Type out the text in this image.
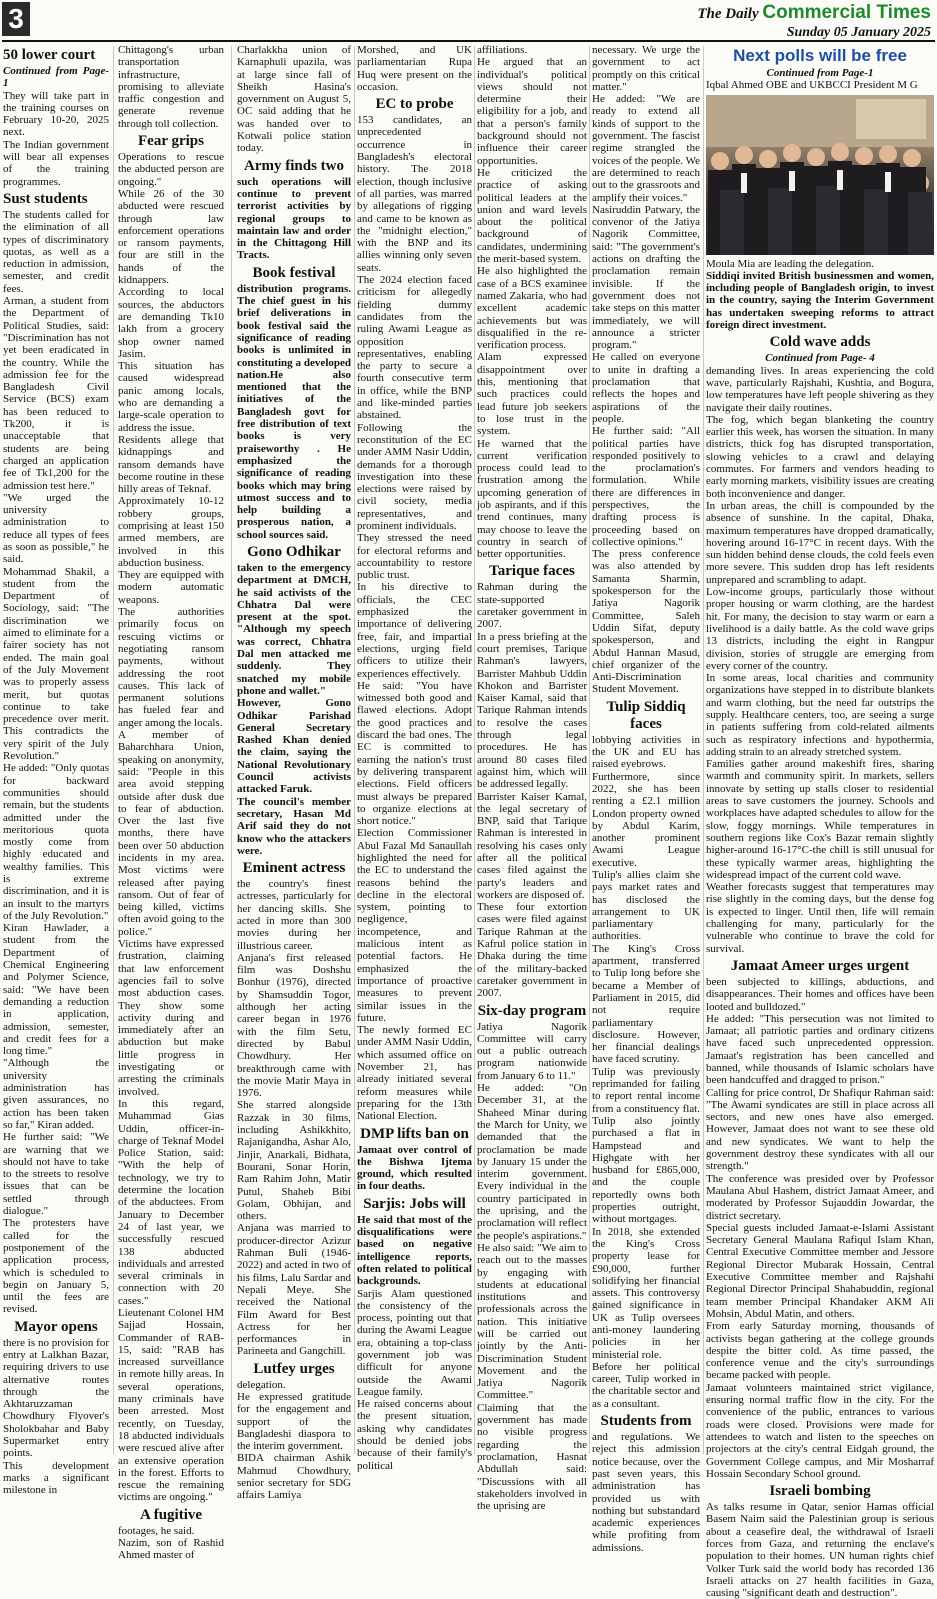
3	The Daily Commercial Times
Sunday 05 January 2025
50 lower court

Continued from Page-1

They will take part in the training courses on February 10-20, 2025 next.

The Indian government will bear all expenses of the training programmes.

Sust students

The students called for the elimination of all types of discriminatory quotas, as well as a reduction in admission, semester, and credit fees.

Arman, a student from the Department of Political Studies, said: "Discrimination has not yet been eradicated in the country. While the admission fee for the Bangladesh Civil Service (BCS) exam has been reduced to Tk200, it is unacceptable that students are being charged an application fee of Tk1,200 for the admission test here."

"We urged the university administration to reduce all types of fees as soon as possible," he said.

Mohammad Shakil, a student from the Department of Sociology, said: "The discrimination we aimed to eliminate for a fairer society has not ended. The main goal of the July Movement was to properly assess merit, but quotas continue to take precedence over merit. This contradicts the very spirit of the July Revolution."

He added: "Only quotas for backward communities should remain, but the students admitted under the meritorious quota mostly come from highly educated and wealthy families. This is extreme discrimination, and it is an insult to the martyrs of the July Revolution."

Kiran Hawlader, a student from the Department of Chemical Engineering and Polymer Science, said: "We have been demanding a reduction in application, admission, semester, and credit fees for a long time."

"Although the university administration has given assurances, no action has been taken so far," Kiran added.

He further said: "We are warning that we should not have to take to the streets to resolve issues that can be settled through dialogue."

The protesters have called for the postponement of the application process, which is scheduled to begin on January 5, until the fees are revised.

Mayor opens

there is no provision for entry at Lalkhan Bazar, requiring drivers to use alternative routes through the Akhtaruzzaman Chowdhury Flyover's Sholokbahar and Baby Supermarket entry points.

This development marks a significant milestone in

Chittagong's urban transportation infrastructure, promising to alleviate traffic congestion and generate revenue through toll collection.

Fear grips

Operations to rescue the abducted person are ongoing."

While 26 of the 30 abducted were rescued through law enforcement operations or ransom payments, four are still in the hands of the kidnappers.

According to local sources, the abductors are demanding Tk10 lakh from a grocery shop owner named Jasim.

This situation has caused widespread panic among locals, who are demanding a large-scale operation to address the issue.

Residents allege that kidnappings and ransom demands have become routine in these hilly areas of Teknaf.

Approximately 10-12 robbery groups, comprising at least 150 armed members, are involved in this abduction business.

They are equipped with modern automatic weapons.

The authorities primarily focus on rescuing victims or negotiating ransom payments, without addressing the root causes. This lack of permanent solutions has fueled fear and anger among the locals.

A member of Baharchhara Union, speaking on anonymity, said: "People in this area avoid stepping outside after dusk due to fear of abduction. Over the last five months, there have been over 50 abduction incidents in my area. Most victims were released after paying ransom. Out of fear of being killed, victims often avoid going to the police."

Victims have expressed frustration, claiming that law enforcement agencies fail to solve most abduction cases. They show some activity during and immediately after an abduction but make little progress in investigating or arresting the criminals involved.

In this regard, Muhammad Gias Uddin, officer-in-charge of Teknaf Model Police Station, said: "With the help of technology, we try to determine the location of the abductees. From January to December 24 of last year, we successfully rescued 138 abducted individuals and arrested several criminals in connection with 20 cases."

Lieutenant Colonel HM Sajjad Hossain, Commander of RAB-15, said: "RAB has increased surveillance in remote hilly areas. In several operations, many criminals have been arrested. Most recently, on Tuesday, 18 abducted individuals were rescued alive after an extensive operation in the forest. Efforts to rescue the remaining victims are ongoing."

A fugitive

footages, he said.

Nazim, son of Rashid Ahmed master of

Charlakkha union of Karnaphuli upazila, was at large since fall of Sheikh Hasina's government on August 5, OC said adding that he was handed over to Kotwali police station today.

Army finds two

such operations will continue to prevent terrorist activities by regional groups to maintain law and order in the Chittagong Hill Tracts.

Book festival

distribution programs. The chief guest in his brief deliverations in book festival said the significance of reading books is unlimited in constituting a developed nation.He also mentioned that the initiatives of the Bangladesh govt for free distribution of text books is very praiseworthy . He emphasized the significance of reading books which may bring utmost success and to help building a prosperous nation, a school sources said.

Gono Odhikar

taken to the emergency department at DMCH, he said activists of the Chhatra Dal were present at the spot. "Although my speech was correct, Chhatra Dal men attacked me suddenly. They snatched my mobile phone and wallet."

However, Gono Odhikar Parishad General Secretary Rashed Khan denied the claim, saying the National Revolutionary Council activists attacked Faruk.

The council's member secretary, Hasan Md Arif said they do not know who the attackers were.

Eminent actress

the country's finest actresses, particularly for her dancing skills. She acted in more than 300 movies during her illustrious career.

Anjana's first released film was Doshshu Bonhur (1976), directed by Shamsuddin Togor, although her acting career began in 1976 with the film Setu, directed by Babul Chowdhury. Her breakthrough came with the movie Matir Maya in 1976.

She starred alongside Razzak in 30 films, including Ashikkhito, Rajanigandha, Ashar Alo, Jinjir, Anarkali, Bidhata, Bourani, Sonar Horin, Ram Rahim John, Matir Putul, Shaheb Bibi Golam, Obhijan, and others.

Anjana was married to producer-director Azizur Rahman Buli (1946-2022) and acted in two of his films, Lalu Sardar and Nepali Meye. She received the National Film Award for Best Actress for her performances in Parineeta and Gangchill.

Lutfey urges

delegation.

He expressed gratitude for the engagement and support of the Bangladeshi diaspora to the interim government.

BIDA chairman Ashik Mahmud Chowdhury, senior secretary for SDG affairs Lamiya

Morshed, and UK parliamentarian Rupa Huq were present on the occasion.

EC to probe

153 candidates, an unprecedented occurrence in Bangladesh's electoral history. The 2018 election, though inclusive of all parties, was marred by allegations of rigging and came to be known as the "midnight election," with the BNP and its allies winning only seven seats.

The 2024 election faced criticism for allegedly fielding dummy candidates from the ruling Awami League as opposition representatives, enabling the party to secure a fourth consecutive term in office, while the BNP and like-minded parties abstained.

Following the reconstitution of the EC under AMM Nasir Uddin, demands for a thorough investigation into these elections were raised by civil society, media representatives, and prominent individuals.

They stressed the need for electoral reforms and accountability to restore public trust.

In his directive to officials, the CEC emphasized the importance of delivering free, fair, and impartial elections, urging field officers to utilize their experiences effectively.

He said: "You have witnessed both good and flawed elections. Adopt the good practices and discard the bad ones. The EC is committed to earning the nation's trust by delivering transparent elections. Field officers must always be prepared to organize elections at short notice."

Election Commissioner Abul Fazal Md Sanaullah highlighted the need for the EC to understand the reasons behind the decline in the electoral system, pointing to negligence, incompetence, and malicious intent as potential factors. He emphasized the importance of proactive measures to prevent similar issues in the future.

The newly formed EC under AMM Nasir Uddin, which assumed office on November 21, has already initiated several reform measures while preparing for the 13th National Election.

DMP lifts ban on

Jamaat over control of the Bishwa Ijtema ground, which resulted in four deaths.

Sarjis: Jobs will

He said that most of the disqualifications were based on negative intelligence reports, often related to political backgrounds.

Sarjis Alam questioned the consistency of the process, pointing out that during the Awami League era, obtaining a top-class government job was difficult for anyone outside the Awami League family.

He raised concerns about the present situation, asking why candidates should be denied jobs because of their family's political

affiliations.

He argued that an individual's political views should not determine their eligibility for a job, and that a person's family background should not influence their career opportunities.

He criticized the practice of asking political leaders at the union and ward levels about the political background of candidates, undermining the merit-based system.

He also highlighted the case of a BCS examinee named Zakaria, who had excellent academic achievements but was disqualified in the re-verification process.

Alam expressed disappointment over this, mentioning that such practices could lead future job seekers to lose trust in the system.

He warned that the current verification process could lead to frustration among the upcoming generation of job aspirants, and if this trend continues, many may choose to leave the country in search of better opportunities.

Tarique faces

Rahman during the state-supported caretaker government in 2007.

In a press briefing at the court premises, Tarique Rahman's lawyers, Barrister Mahbub Uddin Khokon and Barrister Kaiser Kamal, said that Tarique Rahman intends to resolve the cases through legal procedures. He has around 80 cases filed against him, which will be addressed legally.

Barrister Kaiser Kamal, the legal secretary of BNP, said that Tarique Rahman is interested in resolving his cases only after all the political cases filed against the party's leaders and workers are disposed of.

These four extortion cases were filed against Tarique Rahman at the Kafrul police station in Dhaka during the time of the military-backed caretaker government in 2007.

Six-day program

Jatiya Nagorik Committee will carry out a public outreach program nationwide from January 6 to 11."

He added: "On December 31, at the Shaheed Minar during the March for Unity, we demanded that the proclamation be made by January 15 under the interim government. Every individual in the country participated in the uprising, and the proclamation will reflect the people's aspirations."

He also said: "We aim to reach out to the masses by engaging with students at educational institutions and professionals across the nation. This initiative will be carried out jointly by the Anti-Discrimination Student Movement and the Jatiya Nagorik Committee."

Claiming that the government has made no visible progress regarding the proclamation, Hasnat Abdullah said: "Discussions with all stakeholders involved in the uprising are

necessary. We urge the government to act promptly on this critical matter."

He added: "We are ready to extend all kinds of support to the government. The fascist regime strangled the voices of the people. We are determined to reach out to the grassroots and amplify their voices."

Nasiruddin Patwary, the convenor of the Jatiya Nagorik Committee, said: "The government's actions on drafting the proclamation remain invisible. If the government does not take steps on this matter immediately, we will announce a stricter program."

He called on everyone to unite in drafting a proclamation that reflects the hopes and aspirations of the people.

He further said: "All political parties have responded positively to the proclamation's formulation. While there are differences in perspectives, the drafting process is proceeding based on collective opinions."

The press conference was also attended by Samanta Sharmin, spokesperson for the Jatiya Nagorik Committee, Saleh Uddin Sifat, deputy spokesperson, and Abdul Hannan Masud, chief organizer of the Anti-Discrimination Student Movement.

Tulip Siddiq faces

lobbying activities in the UK and EU has raised eyebrows.

Furthermore, since 2022, she has been renting a £2.1 million London property owned by Abdul Karim, another prominent Awami League executive.

Tulip's allies claim she pays market rates and has disclosed the arrangement to UK parliamentary authorities.

The King's Cross apartment, transferred to Tulip long before she became a Member of Parliament in 2015, did not require parliamentary disclosure. However, her financial dealings have faced scrutiny.

Tulip was previously reprimanded for failing to report rental income from a constituency flat. Tulip also jointly purchased a flat in Hampstead and Highgate with her husband for £865,000, and the couple reportedly owns both properties outright, without mortgages.

In 2018, she extended the King's Cross property lease for £90,000, further solidifying her financial assets. This controversy gained significance in UK as Tulip oversees anti-money laundering policies in her ministerial role.

Before her political career, Tulip worked in the charitable sector and as a consultant.

Students from

and regulations. We reject this admission notice because, over the past seven years, this administration has provided us with nothing but substandard academic experiences while profiting from admissions.

Next polls will be free

Continued from Page-1

Iqbal Ahmed OBE and UKBCCI President M G

Moula Mia are leading the delegation.

Siddiqi invited British businessmen and women, including people of Bangladesh origin, to invest in the country, saying the Interim Government has undertaken sweeping reforms to attract foreign direct investment.

Cold wave adds

Continued from Page- 4

demanding lives. In areas experiencing the cold wave, particularly Rajshahi, Kushtia, and Bogura, low temperatures have left people shivering as they navigate their daily routines.

The fog, which began blanketing the country earlier this week, has worsen the situation. In many districts, thick fog has disrupted transportation, slowing vehicles to a crawl and delaying commutes. For farmers and vendors heading to early morning markets, visibility issues are creating both inconvenience and danger.

In urban areas, the chill is compounded by the absence of sunshine. In the capital, Dhaka, maximum temperatures have dropped dramatically, hovering around 16-17°C in recent days. With the sun hidden behind dense clouds, the cold feels even more severe. This sudden drop has left residents unprepared and scrambling to adapt.

Low-income groups, particularly those without proper housing or warm clothing, are the hardest hit. For many, the decision to stay warm or earn a livelihood is a daily battle. As the cold wave grips 13 districts, including the eight in Rangpur division, stories of struggle are emerging from every corner of the country.

In some areas, local charities and community organizations have stepped in to distribute blankets and warm clothing, but the need far outstrips the supply. Healthcare centers, too, are seeing a surge in patients suffering from cold-related ailments such as respiratory infections and hypothermia, adding strain to an already stretched system.

Families gather around makeshift fires, sharing warmth and community spirit. In markets, sellers innovate by setting up stalls closer to residential areas to save customers the journey. Schools and workplaces have adapted schedules to allow for the slow, foggy mornings. While temperatures in southern regions like Cox's Bazar remain slightly higher-around 16-17°C-the chill is still unusual for these typically warmer areas, highlighting the widespread impact of the current cold wave.

Weather forecasts suggest that temperatures may rise slightly in the coming days, but the dense fog is expected to linger. Until then, life will remain challenging for many, particularly for the vulnerable who continue to brave the cold for survival.

Jamaat Ameer urges urgent

been subjected to killings, abductions, and disappearances. Their homes and offices have been looted and bulldozed."

He added: "This persecution was not limited to Jamaat; all patriotic parties and ordinary citizens have faced such unprecedented oppression. Jamaat's registration has been cancelled and banned, while thousands of Islamic scholars have been handcuffed and dragged to prison."

Calling for price control, Dr Shafiqur Rahman said: "The Awami syndicates are still in place across all sectors, and new ones have also emerged. However, Jamaat does not want to see these old and new syndicates. We want to help the government destroy these syndicates with all our strength."

The conference was presided over by Professor Maulana Abul Hashem, district Jamaat Ameer, and moderated by Professor Sujauddin Jowardar, the district secretary.

Special guests included Jamaat-e-Islami Assistant Secretary General Maulana Rafiqul Islam Khan, Central Executive Committee member and Jessore Regional Director Mubarak Hossain, Central Executive Committee member and Rajshahi Regional Director Principal Shahabuddin, regional team member Principal Khandaker AKM Ali Mohsin, Abdul Matin, and others.

From early Saturday morning, thousands of activists began gathering at the college grounds despite the bitter cold. As time passed, the conference venue and the city's surroundings became packed with people.

Jamaat volunteers maintained strict vigilance, ensuring normal traffic flow in the city. For the convenience of the public, entrances to various roads were closed. Provisions were made for attendees to watch and listen to the speeches on projectors at the city's central Eidgah ground, the Government College campus, and Mir Mosharraf Hossain Secondary School ground.

Israeli bombing

As talks resume in Qatar, senior Hamas official Basem Naim said the Palestinian group is serious about a ceasefire deal, the withdrawal of Israeli forces from Gaza, and returning the enclave's population to their homes. UN human rights chief Volker Turk said the world body has recorded 136 Israeli attacks on 27 health facilities in Gaza, causing "significant death and destruction".
